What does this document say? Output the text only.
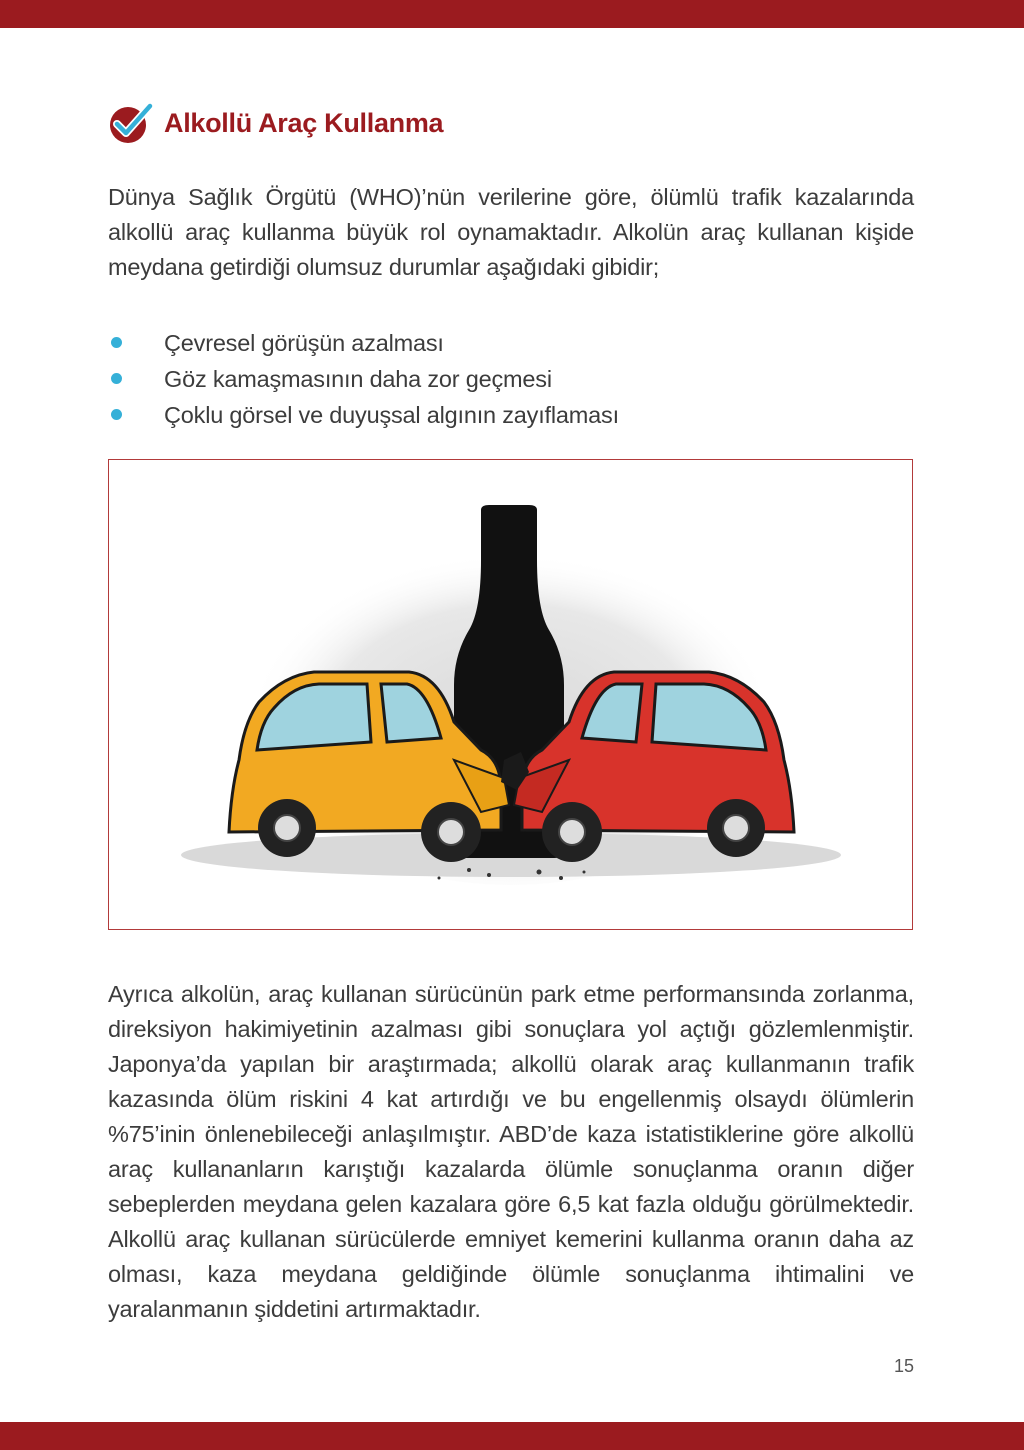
Alkollü Araç Kullanma

Dünya Sağlık Örgütü (WHO)’nün verilerine göre, ölümlü trafik kazalarında alkollü araç kullanma büyük rol oynamaktadır. Alkolün araç kullanan kişide meydana getirdiği olumsuz durumlar aşağıdaki gibidir;

Çevresel görüşün azalması
Göz kamaşmasının daha zor geçmesi
Çoklu görsel ve duyuşsal algının zayıflaması

Ayrıca alkolün, araç kullanan sürücünün park etme performansında zorlanma, direksiyon hakimiyetinin azalması gibi sonuçlara yol açtığı gözlemlenmiştir. Japonya’da yapılan bir araştırmada; alkollü olarak araç kullanmanın trafik kazasında ölüm riskini 4 kat artırdığı ve bu engellenmiş olsaydı ölümlerin %75’inin önlenebileceği anlaşılmıştır. ABD’de kaza istatistiklerine göre alkollü araç kullananların karıştığı kazalarda ölümle sonuçlanma oranın diğer sebeplerden meydana gelen kazalara göre 6,5 kat fazla olduğu görülmektedir. Alkollü araç kullanan sürücülerde emniyet kemerini kullanma oranın daha az olması, kaza meydana geldiğinde ölümle sonuçlanma ihtimalini ve yaralanmanın şiddetini artırmaktadır.

15
